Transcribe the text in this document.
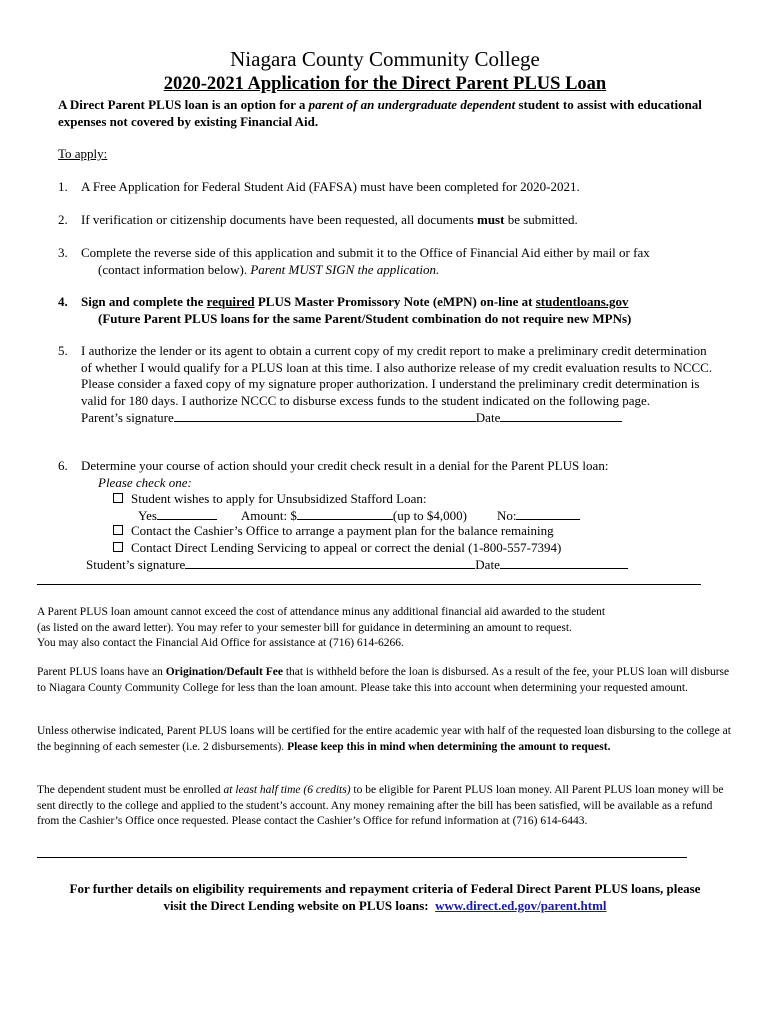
Niagara County Community College
2020-2021 Application for the Direct Parent PLUS Loan
A Direct Parent PLUS loan is an option for a parent of an undergraduate dependent student to assist with educational expenses not covered by existing Financial Aid.
To apply:
1. A Free Application for Federal Student Aid (FAFSA) must have been completed for 2020-2021.
2. If verification or citizenship documents have been requested, all documents must be submitted.
3. Complete the reverse side of this application and submit it to the Office of Financial Aid either by mail or fax
(contact information below). Parent MUST SIGN the application.
4. Sign and complete the required PLUS Master Promissory Note (eMPN) on-line at studentloans.gov
(Future Parent PLUS loans for the same Parent/Student combination do not require new MPNs)
5. I authorize the lender or its agent to obtain a current copy of my credit report to make a preliminary credit determination of whether I would qualify for a PLUS loan at this time. I also authorize release of my credit evaluation results to NCCC. Please consider a faxed copy of my signature proper authorization. I understand the preliminary credit determination is valid for 180 days. I authorize NCCC to disburse excess funds to the student indicated on the following page.
Parent’s signature	Date
6. Determine your course of action should your credit check result in a denial for the Parent PLUS loan:
Please check one:
Student wishes to apply for Unsubsidized Stafford Loan:
Yes	Amount: $	(up to $4,000) No:
Contact the Cashier’s Office to arrange a payment plan for the balance remaining
Contact Direct Lending Servicing to appeal or correct the denial (1-800-557-7394)
Student’s signature	Date
A Parent PLUS loan amount cannot exceed the cost of attendance minus any additional financial aid awarded to the student
(as listed on the award letter). You may refer to your semester bill for guidance in determining an amount to request.
You may also contact the Financial Aid Office for assistance at (716) 614-6266.
Parent PLUS loans have an Origination/Default Fee that is withheld before the loan is disbursed. As a result of the fee, your PLUS loan will disburse to Niagara County Community College for less than the loan amount. Please take this into account when determining your requested amount.
Unless otherwise indicated, Parent PLUS loans will be certified for the entire academic year with half of the requested loan disbursing to the college at the beginning of each semester (i.e. 2 disbursements). Please keep this in mind when determining the amount to request.
The dependent student must be enrolled at least half time (6 credits) to be eligible for Parent PLUS loan money. All Parent PLUS loan money will be sent directly to the college and applied to the student’s account. Any money remaining after the bill has been satisfied, will be available as a refund from the Cashier’s Office once requested. Please contact the Cashier’s Office for refund information at (716) 614-6443.
For further details on eligibility requirements and repayment criteria of Federal Direct Parent PLUS loans, please
visit the Direct Lending website on PLUS loans: www.direct.ed.gov/parent.html
